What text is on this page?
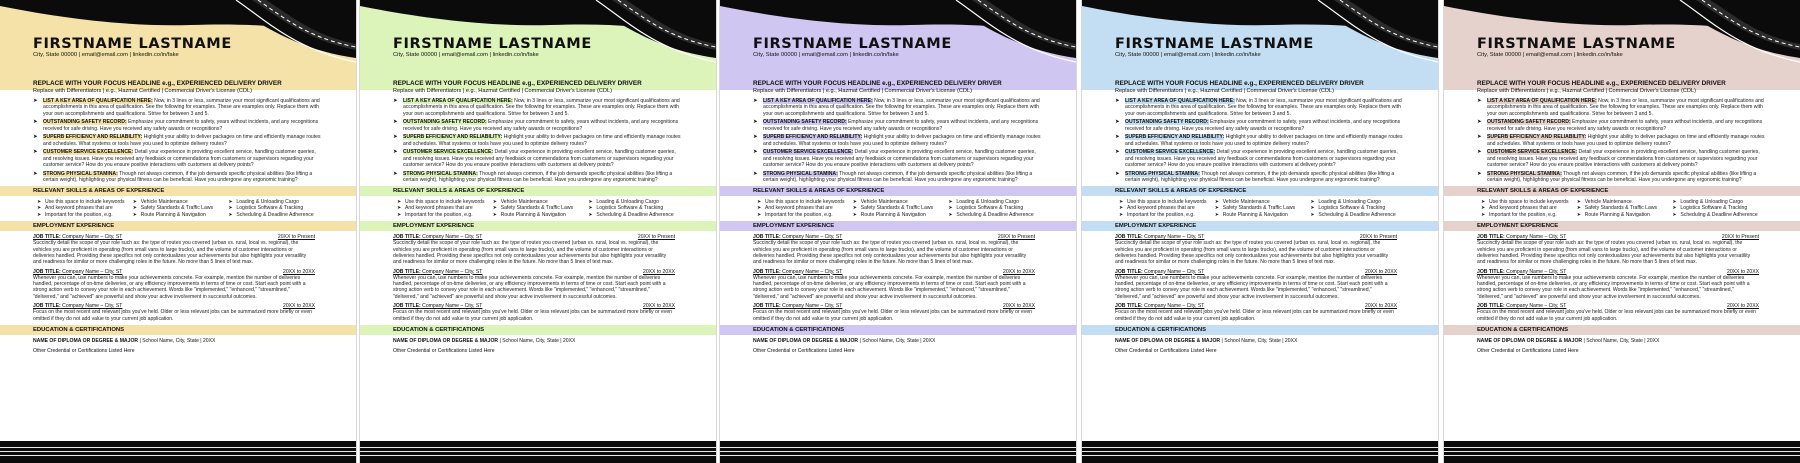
FIRSTNAME LASTNAME
City, State 00000 | email@email.com | linkedin.co/in/fake
REPLACE WITH YOUR FOCUS HEADLINE e.g., EXPERIENCED DELIVERY DRIVER
Replace with Differentiators | e.g., Hazmat Certified | Commercial Driver's License (CDL)
➤ LIST A KEY AREA OF QUALIFICATION HERE: Now, in 3 lines or less, summarize your most significant qualifications and accomplishments in this area of qualification. See the following for examples. These are examples only. Replace them with your own accomplishments and qualifications. Strive for between 3 and 5.
➤ OUTSTANDING SAFETY RECORD: Emphasize your commitment to safety, years without incidents, and any recognitions received for safe driving. Have you received any safety awards or recognitions?
➤ SUPERB EFFICIENCY AND RELIABILITY: Highlight your ability to deliver packages on time and efficiently manage routes and schedules. What systems or tools have you used to optimize delivery routes?
➤ CUSTOMER SERVICE EXCELLENCE: Detail your experience in providing excellent service, handling customer queries, and resolving issues. Have you received any feedback or commendations from customers or supervisors regarding your customer service? How do you ensure positive interactions with customers at delivery points?
➤ STRONG PHYSICAL STAMINA: Though not always common, if the job demands specific physical abilities (like lifting a certain weight), highlighting your physical fitness can be beneficial. Have you undergone any ergonomic training?
RELEVANT SKILLS & AREAS OF EXPERIENCE
➤ Use this space to include keywords
➤ And keyword phrases that are
➤ Important for the position, e.g.
➤ Vehicle Maintenance
➤ Safety Standards & Traffic Laws
➤ Route Planning & Navigation
➤ Loading & Unloading Cargo
➤ Logistics Software & Tracking
➤ Scheduling & Deadline Adherence
EMPLOYMENT EXPERIENCE
JOB TITLE: Company Name – City, ST	20XX to Present
Succinctly detail the scope of your role such as: the type of routes you covered (urban vs. rural, local vs. regional), the vehicles you are proficient in operating (from small vans to large trucks), and the volume of customer interactions or deliveries handled. Providing these specifics not only contextualizes your achievements but also highlights your versatility and readiness for similar or more challenging roles in the future. No more than 5 lines of text max.
JOB TITLE: Company Name – City, ST	20XX to 20XX
Whenever you can, use numbers to make your achievements concrete. For example, mention the number of deliveries handled, percentage of on-time deliveries, or any efficiency improvements in terms of time or cost. Start each point with a strong action verb to convey your role in each achievement. Words like "implemented," "enhanced," "streamlined," "delivered," and "achieved" are powerful and show your active involvement in successful outcomes.
JOB TITLE: Company Name – City, ST	20XX to 20XX
Focus on the most recent and relevant jobs you've held. Older or less relevant jobs can be summarized more briefly or even omitted if they do not add value to your current job application.
EDUCATION & CERTIFICATIONS
NAME OF DIPLOMA OR DEGREE & MAJOR | School Name, City, State | 20XX
Other Credential or Certifications Listed Here
FIRSTNAME LASTNAME
City, State 00000 | email@email.com | linkedin.co/in/fake
REPLACE WITH YOUR FOCUS HEADLINE e.g., EXPERIENCED DELIVERY DRIVER
Replace with Differentiators | e.g., Hazmat Certified | Commercial Driver's License (CDL)
➤ LIST A KEY AREA OF QUALIFICATION HERE: Now, in 3 lines or less, summarize your most significant qualifications and accomplishments in this area of qualification. See the following for examples. These are examples only. Replace them with your own accomplishments and qualifications. Strive for between 3 and 5.
➤ OUTSTANDING SAFETY RECORD: Emphasize your commitment to safety, years without incidents, and any recognitions received for safe driving. Have you received any safety awards or recognitions?
➤ SUPERB EFFICIENCY AND RELIABILITY: Highlight your ability to deliver packages on time and efficiently manage routes and schedules. What systems or tools have you used to optimize delivery routes?
➤ CUSTOMER SERVICE EXCELLENCE: Detail your experience in providing excellent service, handling customer queries, and resolving issues. Have you received any feedback or commendations from customers or supervisors regarding your customer service? How do you ensure positive interactions with customers at delivery points?
➤ STRONG PHYSICAL STAMINA: Though not always common, if the job demands specific physical abilities (like lifting a certain weight), highlighting your physical fitness can be beneficial. Have you undergone any ergonomic training?
RELEVANT SKILLS & AREAS OF EXPERIENCE
➤ Use this space to include keywords
➤ And keyword phrases that are
➤ Important for the position, e.g.
➤ Vehicle Maintenance
➤ Safety Standards & Traffic Laws
➤ Route Planning & Navigation
➤ Loading & Unloading Cargo
➤ Logistics Software & Tracking
➤ Scheduling & Deadline Adherence
EMPLOYMENT EXPERIENCE
JOB TITLE: Company Name – City, ST	20XX to Present
Succinctly detail the scope of your role such as: the type of routes you covered (urban vs. rural, local vs. regional), the vehicles you are proficient in operating (from small vans to large trucks), and the volume of customer interactions or deliveries handled. Providing these specifics not only contextualizes your achievements but also highlights your versatility and readiness for similar or more challenging roles in the future. No more than 5 lines of text max.
JOB TITLE: Company Name – City, ST	20XX to 20XX
Whenever you can, use numbers to make your achievements concrete. For example, mention the number of deliveries handled, percentage of on-time deliveries, or any efficiency improvements in terms of time or cost. Start each point with a strong action verb to convey your role in each achievement. Words like "implemented," "enhanced," "streamlined," "delivered," and "achieved" are powerful and show your active involvement in successful outcomes.
JOB TITLE: Company Name – City, ST	20XX to 20XX
Focus on the most recent and relevant jobs you've held. Older or less relevant jobs can be summarized more briefly or even omitted if they do not add value to your current job application.
EDUCATION & CERTIFICATIONS
NAME OF DIPLOMA OR DEGREE & MAJOR | School Name, City, State | 20XX
Other Credential or Certifications Listed Here
FIRSTNAME LASTNAME
City, State 00000 | email@email.com | linkedin.co/in/fake
REPLACE WITH YOUR FOCUS HEADLINE e.g., EXPERIENCED DELIVERY DRIVER
Replace with Differentiators | e.g., Hazmat Certified | Commercial Driver's License (CDL)
➤ LIST A KEY AREA OF QUALIFICATION HERE: Now, in 3 lines or less, summarize your most significant qualifications and accomplishments in this area of qualification. See the following for examples. These are examples only. Replace them with your own accomplishments and qualifications. Strive for between 3 and 5.
➤ OUTSTANDING SAFETY RECORD: Emphasize your commitment to safety, years without incidents, and any recognitions received for safe driving. Have you received any safety awards or recognitions?
➤ SUPERB EFFICIENCY AND RELIABILITY: Highlight your ability to deliver packages on time and efficiently manage routes and schedules. What systems or tools have you used to optimize delivery routes?
➤ CUSTOMER SERVICE EXCELLENCE: Detail your experience in providing excellent service, handling customer queries, and resolving issues. Have you received any feedback or commendations from customers or supervisors regarding your customer service? How do you ensure positive interactions with customers at delivery points?
➤ STRONG PHYSICAL STAMINA: Though not always common, if the job demands specific physical abilities (like lifting a certain weight), highlighting your physical fitness can be beneficial. Have you undergone any ergonomic training?
RELEVANT SKILLS & AREAS OF EXPERIENCE
➤ Use this space to include keywords
➤ And keyword phrases that are
➤ Important for the position, e.g.
➤ Vehicle Maintenance
➤ Safety Standards & Traffic Laws
➤ Route Planning & Navigation
➤ Loading & Unloading Cargo
➤ Logistics Software & Tracking
➤ Scheduling & Deadline Adherence
EMPLOYMENT EXPERIENCE
JOB TITLE: Company Name – City, ST	20XX to Present
Succinctly detail the scope of your role such as: the type of routes you covered (urban vs. rural, local vs. regional), the vehicles you are proficient in operating (from small vans to large trucks), and the volume of customer interactions or deliveries handled. Providing these specifics not only contextualizes your achievements but also highlights your versatility and readiness for similar or more challenging roles in the future. No more than 5 lines of text max.
JOB TITLE: Company Name – City, ST	20XX to 20XX
Whenever you can, use numbers to make your achievements concrete. For example, mention the number of deliveries handled, percentage of on-time deliveries, or any efficiency improvements in terms of time or cost. Start each point with a strong action verb to convey your role in each achievement. Words like "implemented," "enhanced," "streamlined," "delivered," and "achieved" are powerful and show your active involvement in successful outcomes.
JOB TITLE: Company Name – City, ST	20XX to 20XX
Focus on the most recent and relevant jobs you've held. Older or less relevant jobs can be summarized more briefly or even omitted if they do not add value to your current job application.
EDUCATION & CERTIFICATIONS
NAME OF DIPLOMA OR DEGREE & MAJOR | School Name, City, State | 20XX
Other Credential or Certifications Listed Here
FIRSTNAME LASTNAME
City, State 00000 | email@email.com | linkedin.co/in/fake
REPLACE WITH YOUR FOCUS HEADLINE e.g., EXPERIENCED DELIVERY DRIVER
Replace with Differentiators | e.g., Hazmat Certified | Commercial Driver's License (CDL)
➤ LIST A KEY AREA OF QUALIFICATION HERE: Now, in 3 lines or less, summarize your most significant qualifications and accomplishments in this area of qualification. See the following for examples. These are examples only. Replace them with your own accomplishments and qualifications. Strive for between 3 and 5.
➤ OUTSTANDING SAFETY RECORD: Emphasize your commitment to safety, years without incidents, and any recognitions received for safe driving. Have you received any safety awards or recognitions?
➤ SUPERB EFFICIENCY AND RELIABILITY: Highlight your ability to deliver packages on time and efficiently manage routes and schedules. What systems or tools have you used to optimize delivery routes?
➤ CUSTOMER SERVICE EXCELLENCE: Detail your experience in providing excellent service, handling customer queries, and resolving issues. Have you received any feedback or commendations from customers or supervisors regarding your customer service? How do you ensure positive interactions with customers at delivery points?
➤ STRONG PHYSICAL STAMINA: Though not always common, if the job demands specific physical abilities (like lifting a certain weight), highlighting your physical fitness can be beneficial. Have you undergone any ergonomic training?
RELEVANT SKILLS & AREAS OF EXPERIENCE
➤ Use this space to include keywords
➤ And keyword phrases that are
➤ Important for the position, e.g.
➤ Vehicle Maintenance
➤ Safety Standards & Traffic Laws
➤ Route Planning & Navigation
➤ Loading & Unloading Cargo
➤ Logistics Software & Tracking
➤ Scheduling & Deadline Adherence
EMPLOYMENT EXPERIENCE
JOB TITLE: Company Name – City, ST	20XX to Present
Succinctly detail the scope of your role such as: the type of routes you covered (urban vs. rural, local vs. regional), the vehicles you are proficient in operating (from small vans to large trucks), and the volume of customer interactions or deliveries handled. Providing these specifics not only contextualizes your achievements but also highlights your versatility and readiness for similar or more challenging roles in the future. No more than 5 lines of text max.
JOB TITLE: Company Name – City, ST	20XX to 20XX
Whenever you can, use numbers to make your achievements concrete. For example, mention the number of deliveries handled, percentage of on-time deliveries, or any efficiency improvements in terms of time or cost. Start each point with a strong action verb to convey your role in each achievement. Words like "implemented," "enhanced," "streamlined," "delivered," and "achieved" are powerful and show your active involvement in successful outcomes.
JOB TITLE: Company Name – City, ST	20XX to 20XX
Focus on the most recent and relevant jobs you've held. Older or less relevant jobs can be summarized more briefly or even omitted if they do not add value to your current job application.
EDUCATION & CERTIFICATIONS
NAME OF DIPLOMA OR DEGREE & MAJOR | School Name, City, State | 20XX
Other Credential or Certifications Listed Here
FIRSTNAME LASTNAME
City, State 00000 | email@email.com | linkedin.co/in/fake
REPLACE WITH YOUR FOCUS HEADLINE e.g., EXPERIENCED DELIVERY DRIVER
Replace with Differentiators | e.g., Hazmat Certified | Commercial Driver's License (CDL)
➤ LIST A KEY AREA OF QUALIFICATION HERE: Now, in 3 lines or less, summarize your most significant qualifications and accomplishments in this area of qualification. See the following for examples. These are examples only. Replace them with your own accomplishments and qualifications. Strive for between 3 and 5.
➤ OUTSTANDING SAFETY RECORD: Emphasize your commitment to safety, years without incidents, and any recognitions received for safe driving. Have you received any safety awards or recognitions?
➤ SUPERB EFFICIENCY AND RELIABILITY: Highlight your ability to deliver packages on time and efficiently manage routes and schedules. What systems or tools have you used to optimize delivery routes?
➤ CUSTOMER SERVICE EXCELLENCE: Detail your experience in providing excellent service, handling customer queries, and resolving issues. Have you received any feedback or commendations from customers or supervisors regarding your customer service? How do you ensure positive interactions with customers at delivery points?
➤ STRONG PHYSICAL STAMINA: Though not always common, if the job demands specific physical abilities (like lifting a certain weight), highlighting your physical fitness can be beneficial. Have you undergone any ergonomic training?
RELEVANT SKILLS & AREAS OF EXPERIENCE
➤ Use this space to include keywords
➤ And keyword phrases that are
➤ Important for the position, e.g.
➤ Vehicle Maintenance
➤ Safety Standards & Traffic Laws
➤ Route Planning & Navigation
➤ Loading & Unloading Cargo
➤ Logistics Software & Tracking
➤ Scheduling & Deadline Adherence
EMPLOYMENT EXPERIENCE
JOB TITLE: Company Name – City, ST	20XX to Present
Succinctly detail the scope of your role such as: the type of routes you covered (urban vs. rural, local vs. regional), the vehicles you are proficient in operating (from small vans to large trucks), and the volume of customer interactions or deliveries handled. Providing these specifics not only contextualizes your achievements but also highlights your versatility and readiness for similar or more challenging roles in the future. No more than 5 lines of text max.
JOB TITLE: Company Name – City, ST	20XX to 20XX
Whenever you can, use numbers to make your achievements concrete. For example, mention the number of deliveries handled, percentage of on-time deliveries, or any efficiency improvements in terms of time or cost. Start each point with a strong action verb to convey your role in each achievement. Words like "implemented," "enhanced," "streamlined," "delivered," and "achieved" are powerful and show your active involvement in successful outcomes.
JOB TITLE: Company Name – City, ST	20XX to 20XX
Focus on the most recent and relevant jobs you've held. Older or less relevant jobs can be summarized more briefly or even omitted if they do not add value to your current job application.
EDUCATION & CERTIFICATIONS
NAME OF DIPLOMA OR DEGREE & MAJOR | School Name, City, State | 20XX
Other Credential or Certifications Listed Here
